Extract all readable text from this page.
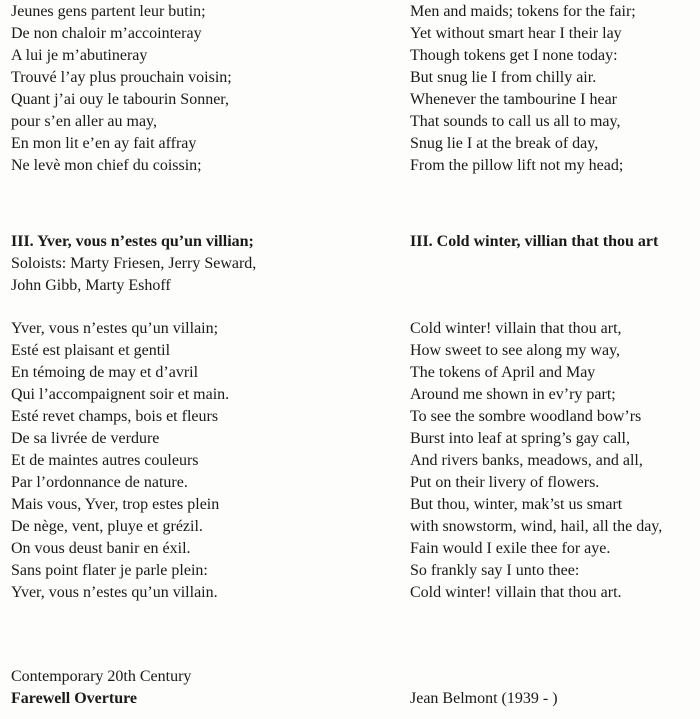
Jeunes gens partent leur butin;
De non chaloir m’accointeray
A lui je m’abutineray
Trouvé l’ay plus prouchain voisin;
Quant j’ai ouy le tabourin Sonner,
pour s’en aller au may,
En mon lit e’en ay fait affray
Ne levè mon chief du coissin;
III. Yver, vous n’estes qu’un villian;
Soloists: Marty Friesen, Jerry Seward,
John Gibb, Marty Eshoff
Yver, vous n’estes qu’un villain;
Esté est plaisant et gentil
En témoing de may et d’avril
Qui l’accompaignent soir et main.
Esté revet champs, bois et fleurs
De sa livrée de verdure
Et de maintes autres couleurs
Par l’ordonnance de nature.
Mais vous, Yver, trop estes plein
De nège, vent, pluye et grézil.
On vous deust banir en éxil.
Sans point flater je parle plein:
Yver, vous n’estes qu’un villain.
Contemporary 20th Century
Farewell Overture
Men and maids; tokens for the fair;
Yet without smart hear I their lay
Though tokens get I none today:
But snug lie I from chilly air.
Whenever the tambourine I hear
That sounds to call us all to may,
Snug lie I at the break of day,
From the pillow lift not my head;
III. Cold winter, villian that thou art
Cold winter! villain that thou art,
How sweet to see along my way,
The tokens of April and May
Around me shown in ev’ry part;
To see the sombre woodland bow’rs
Burst into leaf at spring’s gay call,
And rivers banks, meadows, and all,
Put on their livery of flowers.
But thou, winter, mak’st us smart
with snowstorm, wind, hail, all the day,
Fain would I exile thee for aye.
So frankly say I unto thee:
Cold winter! villain that thou art.
Jean Belmont (1939 - )
